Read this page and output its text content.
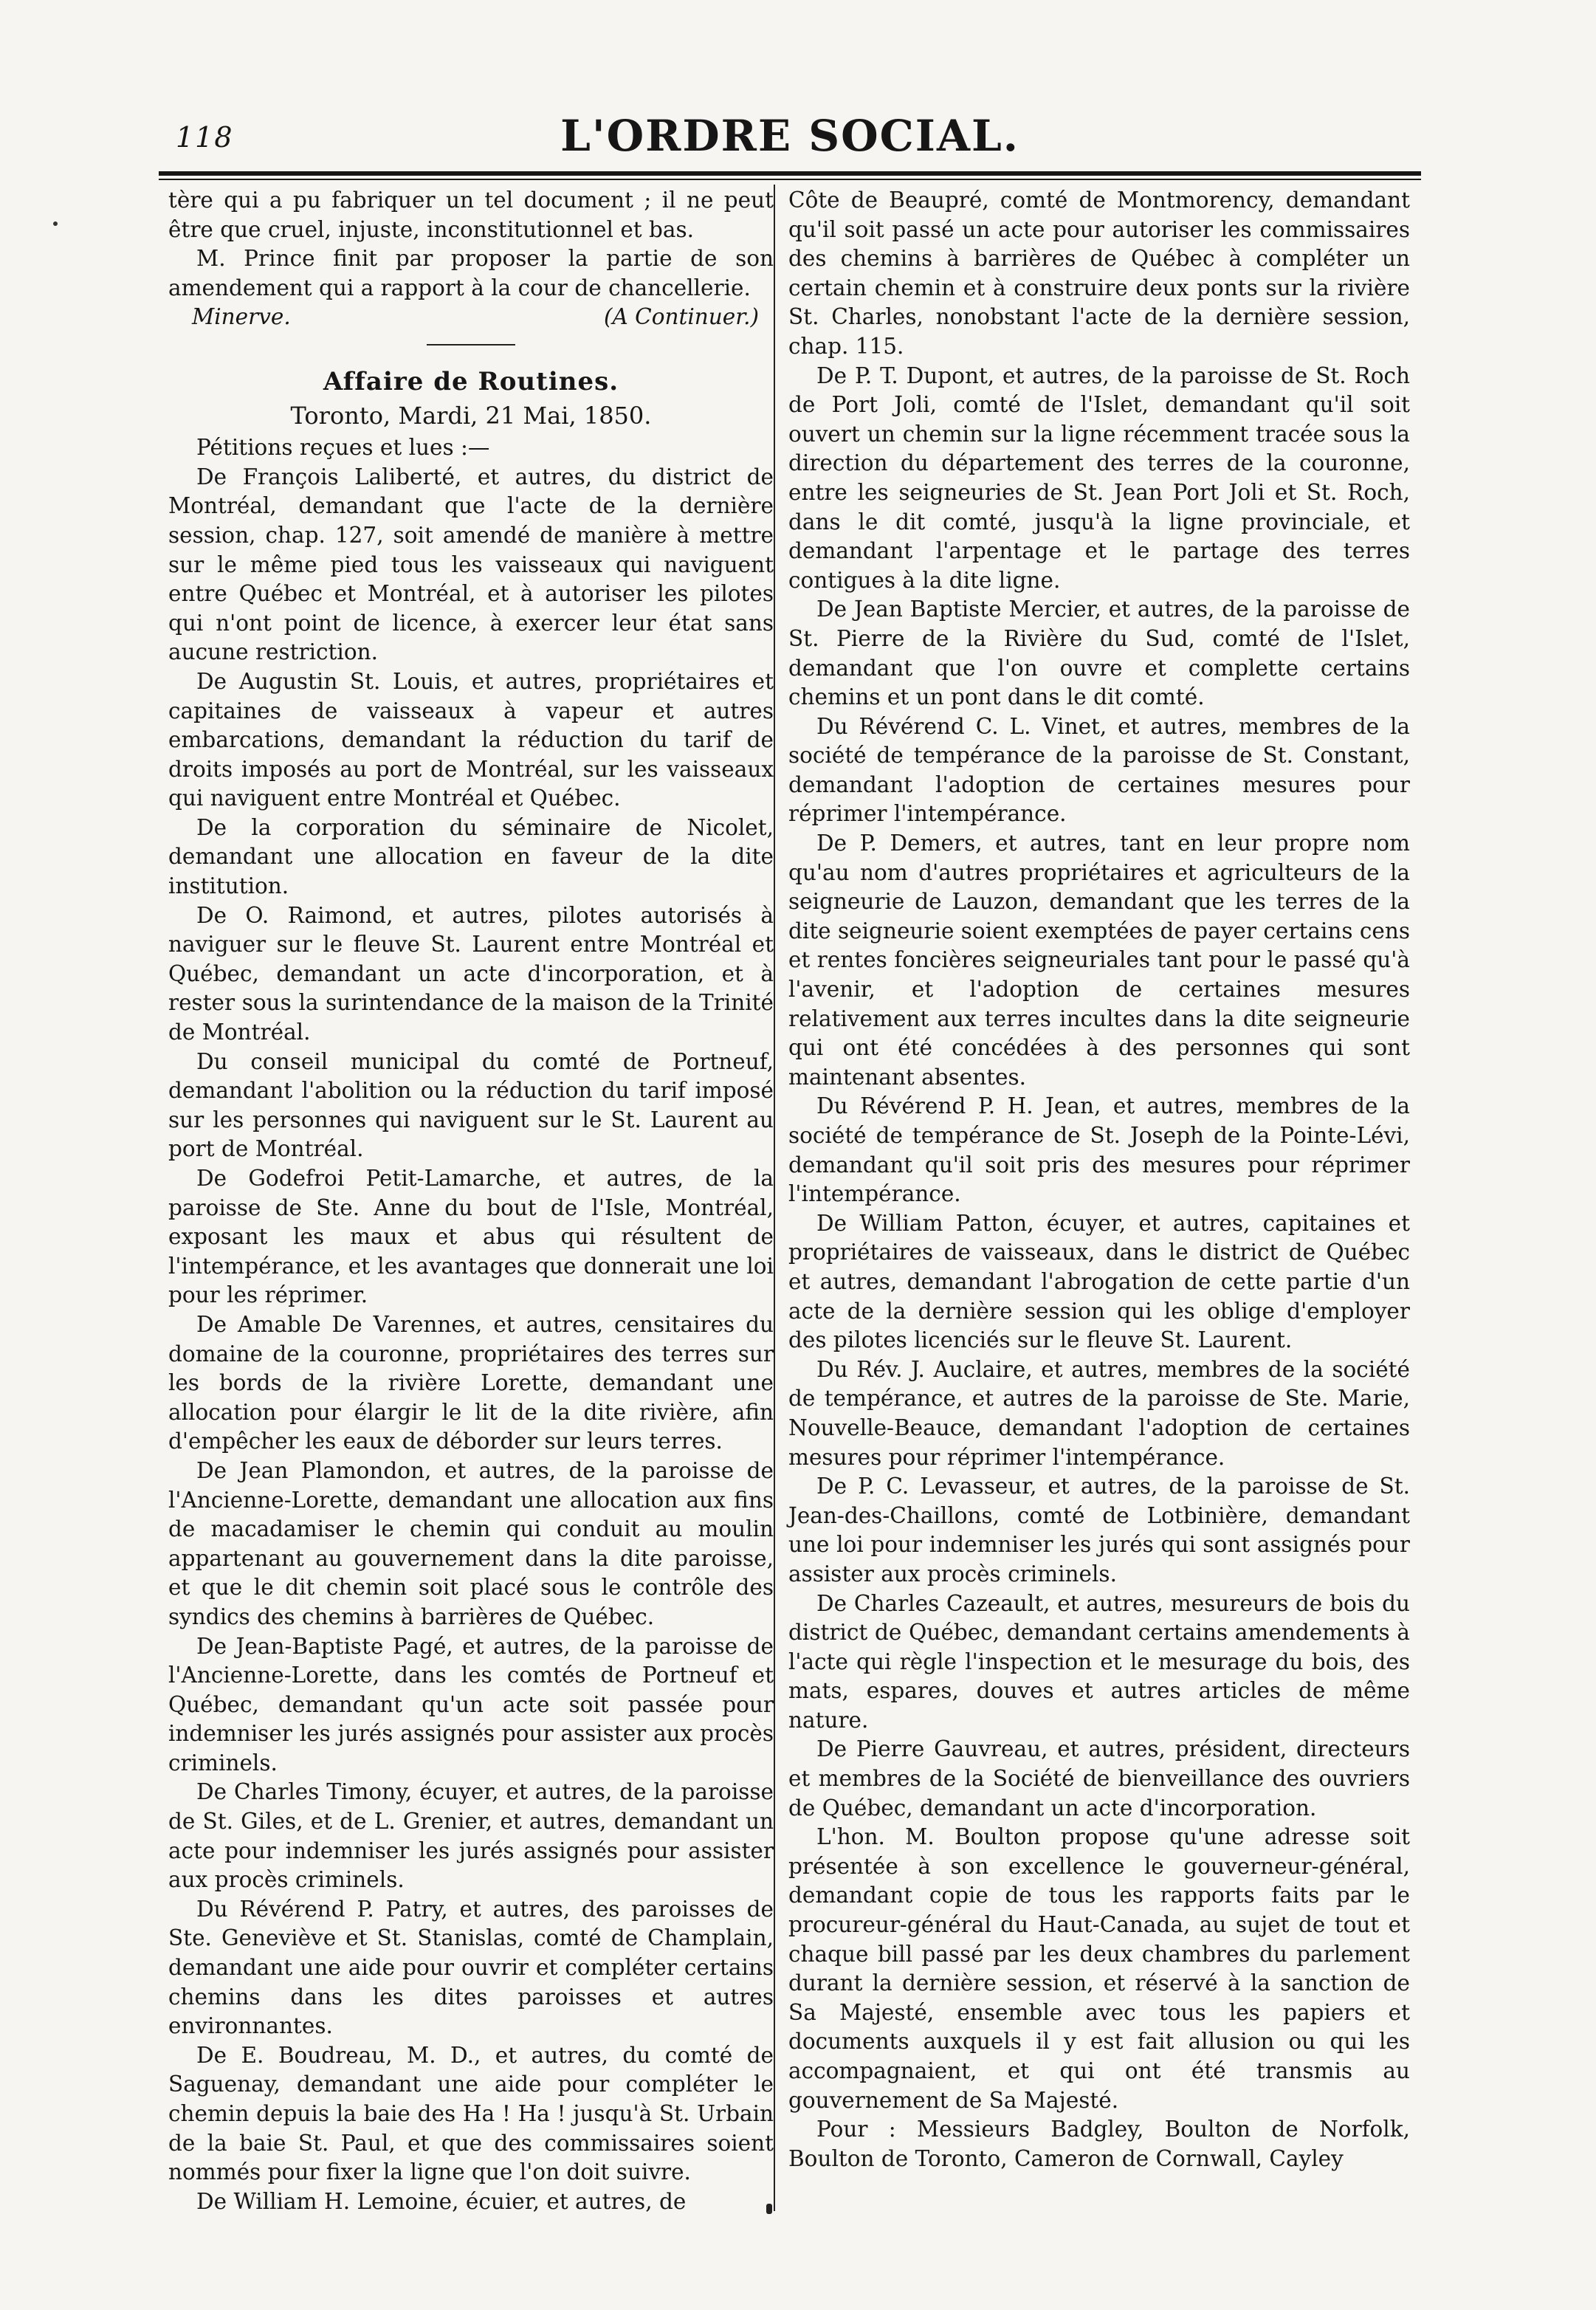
118	L'ORDRE SOCIAL.

tère qui a pu fabriquer un tel document ; il ne peut être que cruel, injuste, inconstitutionnel et bas.

M. Prince finit par proposer la partie de son amendement qui a rapport à la cour de chancellerie.

Minerve.	(A Continuer.)
Affaire de Routines.
Toronto, Mardi, 21 Mai, 1850.

Pétitions reçues et lues :—

De François Laliberté, et autres, du district de Montréal, demandant que l'acte de la dernière session, chap. 127, soit amendé de manière à mettre sur le même pied tous les vaisseaux qui naviguent entre Québec et Montréal, et à autoriser les pilotes qui n'ont point de licence, à exercer leur état sans aucune restriction.

De Augustin St. Louis, et autres, propriétaires et capitaines de vaisseaux à vapeur et autres embarcations, demandant la réduction du tarif de droits imposés au port de Montréal, sur les vaisseaux qui naviguent entre Montréal et Québec.

De la corporation du séminaire de Nicolet, demandant une allocation en faveur de la dite institution.

De O. Raimond, et autres, pilotes autorisés à naviguer sur le fleuve St. Laurent entre Montréal et Québec, demandant un acte d'incorporation, et à rester sous la surintendance de la maison de la Trinité de Montréal.

Du conseil municipal du comté de Portneuf, demandant l'abolition ou la réduction du tarif imposé sur les personnes qui naviguent sur le St. Laurent au port de Montréal.

De Godefroi Petit-Lamarche, et autres, de la paroisse de Ste. Anne du bout de l'Isle, Montréal, exposant les maux et abus qui résultent de l'intempérance, et les avantages que donnerait une loi pour les réprimer.

De Amable De Varennes, et autres, censitaires du domaine de la couronne, propriétaires des terres sur les bords de la rivière Lorette, demandant une allocation pour élargir le lit de la dite rivière, afin d'empêcher les eaux de déborder sur leurs terres.

De Jean Plamondon, et autres, de la paroisse de l'Ancienne-Lorette, demandant une allocation aux fins de macadamiser le chemin qui conduit au moulin appartenant au gouvernement dans la dite paroisse, et que le dit chemin soit placé sous le contrôle des syndics des chemins à barrières de Québec.

De Jean-Baptiste Pagé, et autres, de la paroisse de l'Ancienne-Lorette, dans les comtés de Portneuf et Québec, demandant qu'un acte soit passée pour indemniser les jurés assignés pour assister aux procès criminels.

De Charles Timony, écuyer, et autres, de la paroisse de St. Giles, et de L. Grenier, et autres, demandant un acte pour indemniser les jurés assignés pour assister aux procès criminels.

Du Révérend P. Patry, et autres, des paroisses de Ste. Geneviève et St. Stanislas, comté de Champlain, demandant une aide pour ouvrir et compléter certains chemins dans les dites paroisses et autres environnantes.

De E. Boudreau, M. D., et autres, du comté de Saguenay, demandant une aide pour compléter le chemin depuis la baie des Ha ! Ha ! jusqu'à St. Urbain de la baie St. Paul, et que des commissaires soient nommés pour fixer la ligne que l'on doit suivre.

De William H. Lemoine, écuier, et autres, de

Côte de Beaupré, comté de Montmorency, demandant qu'il soit passé un acte pour autoriser les commissaires des chemins à barrières de Québec à compléter un certain chemin et à construire deux ponts sur la rivière St. Charles, nonobstant l'acte de la dernière session, chap. 115.

De P. T. Dupont, et autres, de la paroisse de St. Roch de Port Joli, comté de l'Islet, demandant qu'il soit ouvert un chemin sur la ligne récemment tracée sous la direction du département des terres de la couronne, entre les seigneuries de St. Jean Port Joli et St. Roch, dans le dit comté, jusqu'à la ligne provinciale, et demandant l'arpentage et le partage des terres contigues à la dite ligne.

De Jean Baptiste Mercier, et autres, de la paroisse de St. Pierre de la Rivière du Sud, comté de l'Islet, demandant que l'on ouvre et complette certains chemins et un pont dans le dit comté.

Du Révérend C. L. Vinet, et autres, membres de la société de tempérance de la paroisse de St. Constant, demandant l'adoption de certaines mesures pour réprimer l'intempérance.

De P. Demers, et autres, tant en leur propre nom qu'au nom d'autres propriétaires et agriculteurs de la seigneurie de Lauzon, demandant que les terres de la dite seigneurie soient exemptées de payer certains cens et rentes foncières seigneuriales tant pour le passé qu'à l'avenir, et l'adoption de certaines mesures relativement aux terres incultes dans la dite seigneurie qui ont été concédées à des personnes qui sont maintenant absentes.

Du Révérend P. H. Jean, et autres, membres de la société de tempérance de St. Joseph de la Pointe-Lévi, demandant qu'il soit pris des mesures pour réprimer l'intempérance.

De William Patton, écuyer, et autres, capitaines et propriétaires de vaisseaux, dans le district de Québec et autres, demandant l'abrogation de cette partie d'un acte de la dernière session qui les oblige d'employer des pilotes licenciés sur le fleuve St. Laurent.

Du Rév. J. Auclaire, et autres, membres de la société de tempérance, et autres de la paroisse de Ste. Marie, Nouvelle-Beauce, demandant l'adoption de certaines mesures pour réprimer l'intempérance.

De P. C. Levasseur, et autres, de la paroisse de St. Jean-des-Chaillons, comté de Lotbinière, demandant une loi pour indemniser les jurés qui sont assignés pour assister aux procès criminels.

De Charles Cazeault, et autres, mesureurs de bois du district de Québec, demandant certains amendements à l'acte qui règle l'inspection et le mesurage du bois, des mats, espares, douves et autres articles de même nature.

De Pierre Gauvreau, et autres, président, directeurs et membres de la Société de bienveillance des ouvriers de Québec, demandant un acte d'incorporation.

L'hon. M. Boulton propose qu'une adresse soit présentée à son excellence le gouverneur-général, demandant copie de tous les rapports faits par le procureur-général du Haut-Canada, au sujet de tout et chaque bill passé par les deux chambres du parlement durant la dernière session, et réservé à la sanction de Sa Majesté, ensemble avec tous les papiers et documents auxquels il y est fait allusion ou qui les accompagnaient, et qui ont été transmis au gouvernement de Sa Majesté.

Pour : Messieurs Badgley, Boulton de Norfolk, Boulton de Toronto, Cameron de Cornwall, Cayley
